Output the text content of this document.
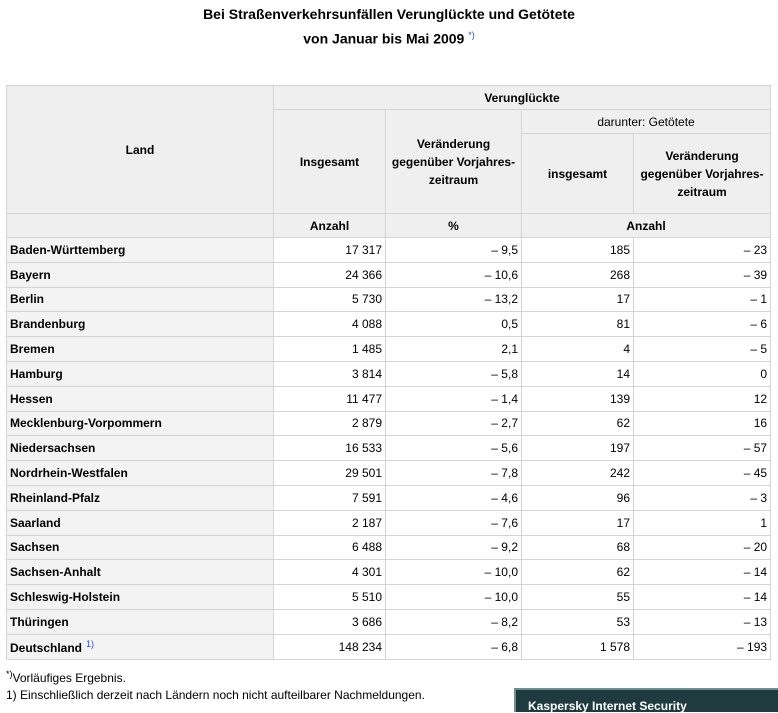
Bei Straßenverkehrsunfällen Verunglückte und Getötete
von Januar bis Mai 2009 *)
Land	Verunglückte			
	Insgesamt	Veränderung gegenüber Vorjahres- zeitraum	darunter: Getötete	
			insgesamt	Veränderung gegenüber Vorjahres- zeitraum
	Anzahl	%	Anzahl	
Baden-Württemberg	17 317	– 9,5	185	– 23
Bayern	24 366	– 10,6	268	– 39
Berlin	5 730	– 13,2	17	– 1
Brandenburg	4 088	0,5	81	– 6
Bremen	1 485	2,1	4	– 5
Hamburg	3 814	– 5,8	14	0
Hessen	11 477	– 1,4	139	12
Mecklenburg-Vorpommern	2 879	– 2,7	62	16
Niedersachsen	16 533	– 5,6	197	– 57
Nordrhein-Westfalen	29 501	– 7,8	242	– 45
Rheinland-Pfalz	7 591	– 4,6	96	– 3
Saarland	2 187	– 7,6	17	1
Sachsen	6 488	– 9,2	68	– 20
Sachsen-Anhalt	4 301	– 10,0	62	– 14
Schleswig-Holstein	5 510	– 10,0	55	– 14
Thüringen	3 686	– 8,2	53	– 13
Deutschland $^{1)}$	148 234	– 6,8	1 578	– 193
*)Vorläufiges Ergebnis.
1) Einschließlich derzeit nach Ländern noch nicht aufteilbarer Nachmeldungen.
Kaspersky Internet Security
